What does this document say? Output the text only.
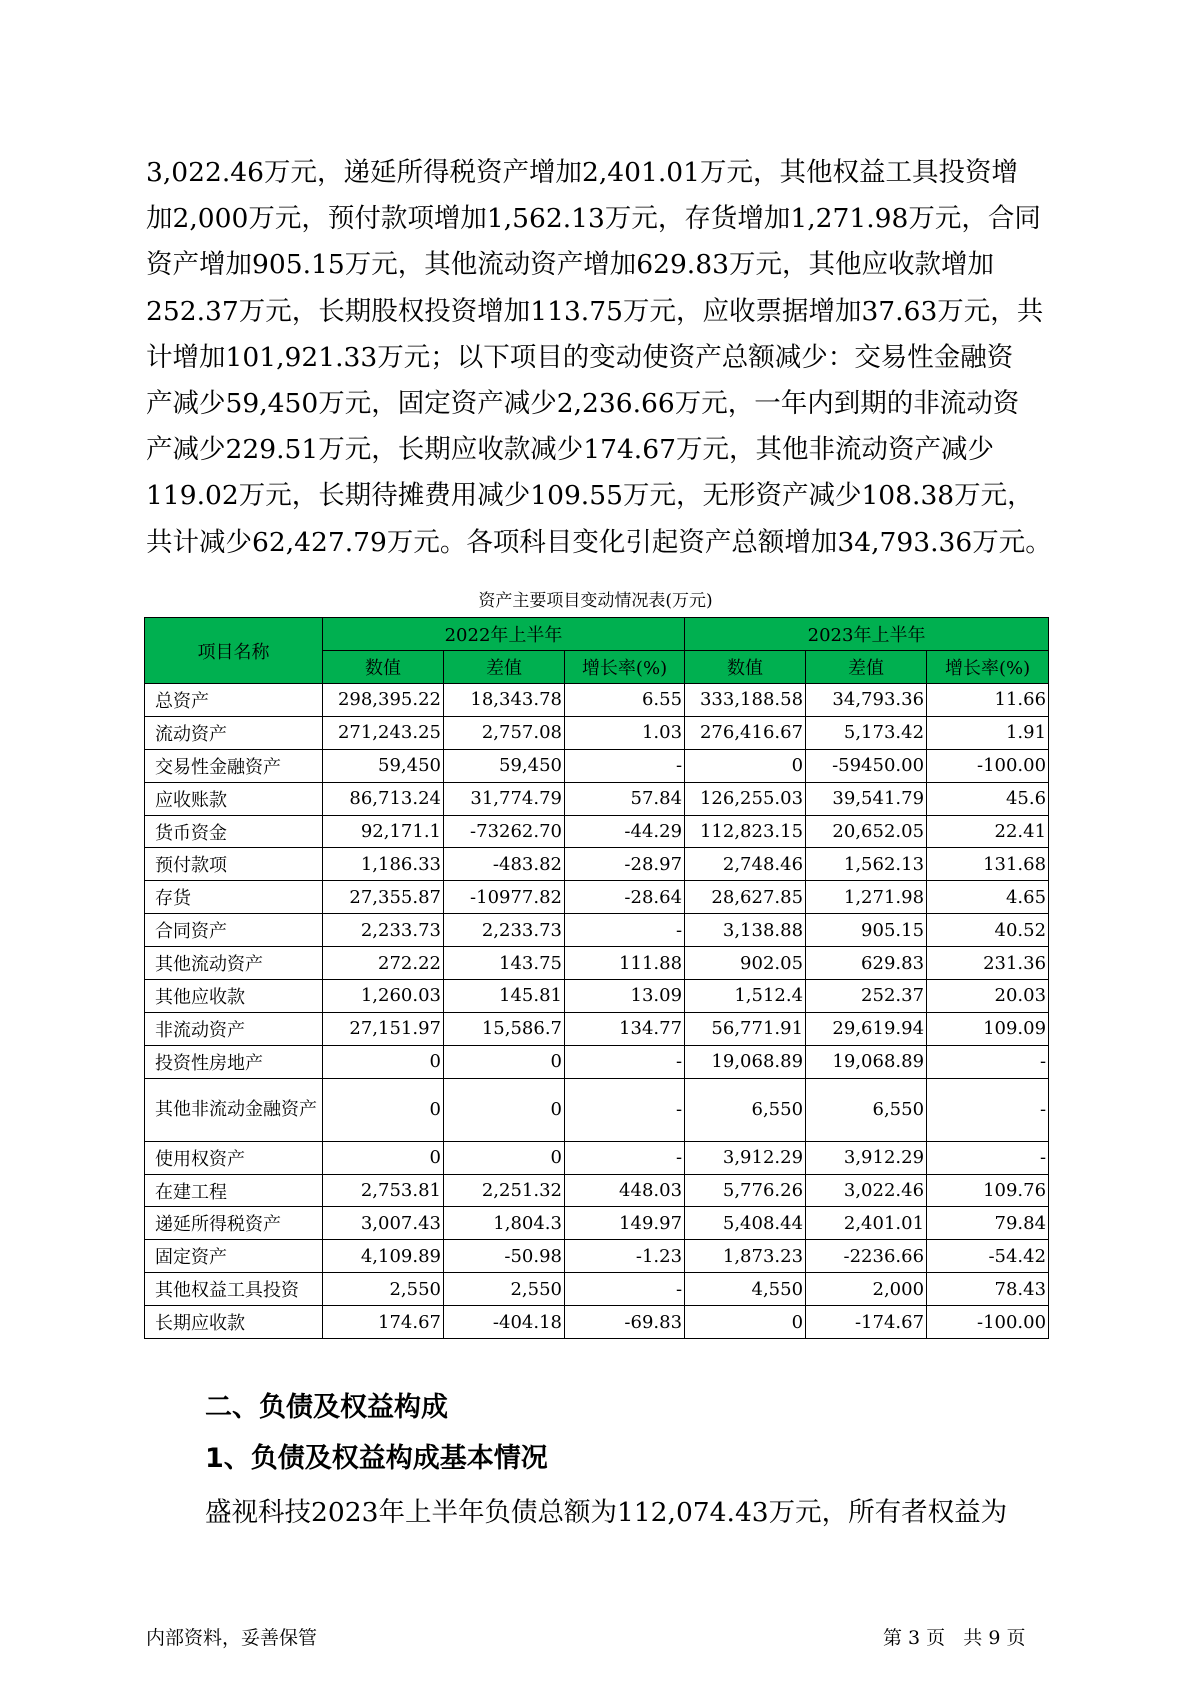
3,022.46万元，递延所得税资产增加2,401.01万元，其他权益工具投资增
加2,000万元，预付款项增加1,562.13万元，存货增加1,271.98万元，合同
资产增加905.15万元，其他流动资产增加629.83万元，其他应收款增加
252.37万元，长期股权投资增加113.75万元，应收票据增加37.63万元，共
计增加101,921.33万元；以下项目的变动使资产总额减少：交易性金融资
产减少59,450万元，固定资产减少2,236.66万元，一年内到期的非流动资
产减少229.51万元，长期应收款减少174.67万元，其他非流动资产减少
119.02万元，长期待摊费用减少109.55万元，无形资产减少108.38万元，
共计减少62,427.79万元。各项科目变化引起资产总额增加34,793.36万元。
资产主要项目变动情况表(万元)
项目名称	2022年上半年			2023年上半年		
	数值	差值	增长率(%)	数值	差值	增长率(%)
总资产	298,395.22	18,343.78	6.55	333,188.58	34,793.36	11.66
流动资产	271,243.25	2,757.08	1.03	276,416.67	5,173.42	1.91
交易性金融资产	59,450	59,450	-	0	-59450.00	-100.00
应收账款	86,713.24	31,774.79	57.84	126,255.03	39,541.79	45.6
货币资金	92,171.1	-73262.70	-44.29	112,823.15	20,652.05	22.41
预付款项	1,186.33	-483.82	-28.97	2,748.46	1,562.13	131.68
存货	27,355.87	-10977.82	-28.64	28,627.85	1,271.98	4.65
合同资产	2,233.73	2,233.73	-	3,138.88	905.15	40.52
其他流动资产	272.22	143.75	111.88	902.05	629.83	231.36
其他应收款	1,260.03	145.81	13.09	1,512.4	252.37	20.03
非流动资产	27,151.97	15,586.7	134.77	56,771.91	29,619.94	109.09
投资性房地产	0	0	-	19,068.89	19,068.89	-
其他非流动金融资产	0	0	-	6,550	6,550	-
使用权资产	0	0	-	3,912.29	3,912.29	-
在建工程	2,753.81	2,251.32	448.03	5,776.26	3,022.46	109.76
递延所得税资产	3,007.43	1,804.3	149.97	5,408.44	2,401.01	79.84
固定资产	4,109.89	-50.98	-1.23	1,873.23	-2236.66	-54.42
其他权益工具投资	2,550	2,550	-	4,550	2,000	78.43
长期应收款	174.67	-404.18	-69.83	0	-174.67	-100.00
二、负债及权益构成
1、负债及权益构成基本情况
盛视科技2023年上半年负债总额为112,074.43万元，所有者权益为
内部资料，妥善保管	第 3 页   共 9 页
